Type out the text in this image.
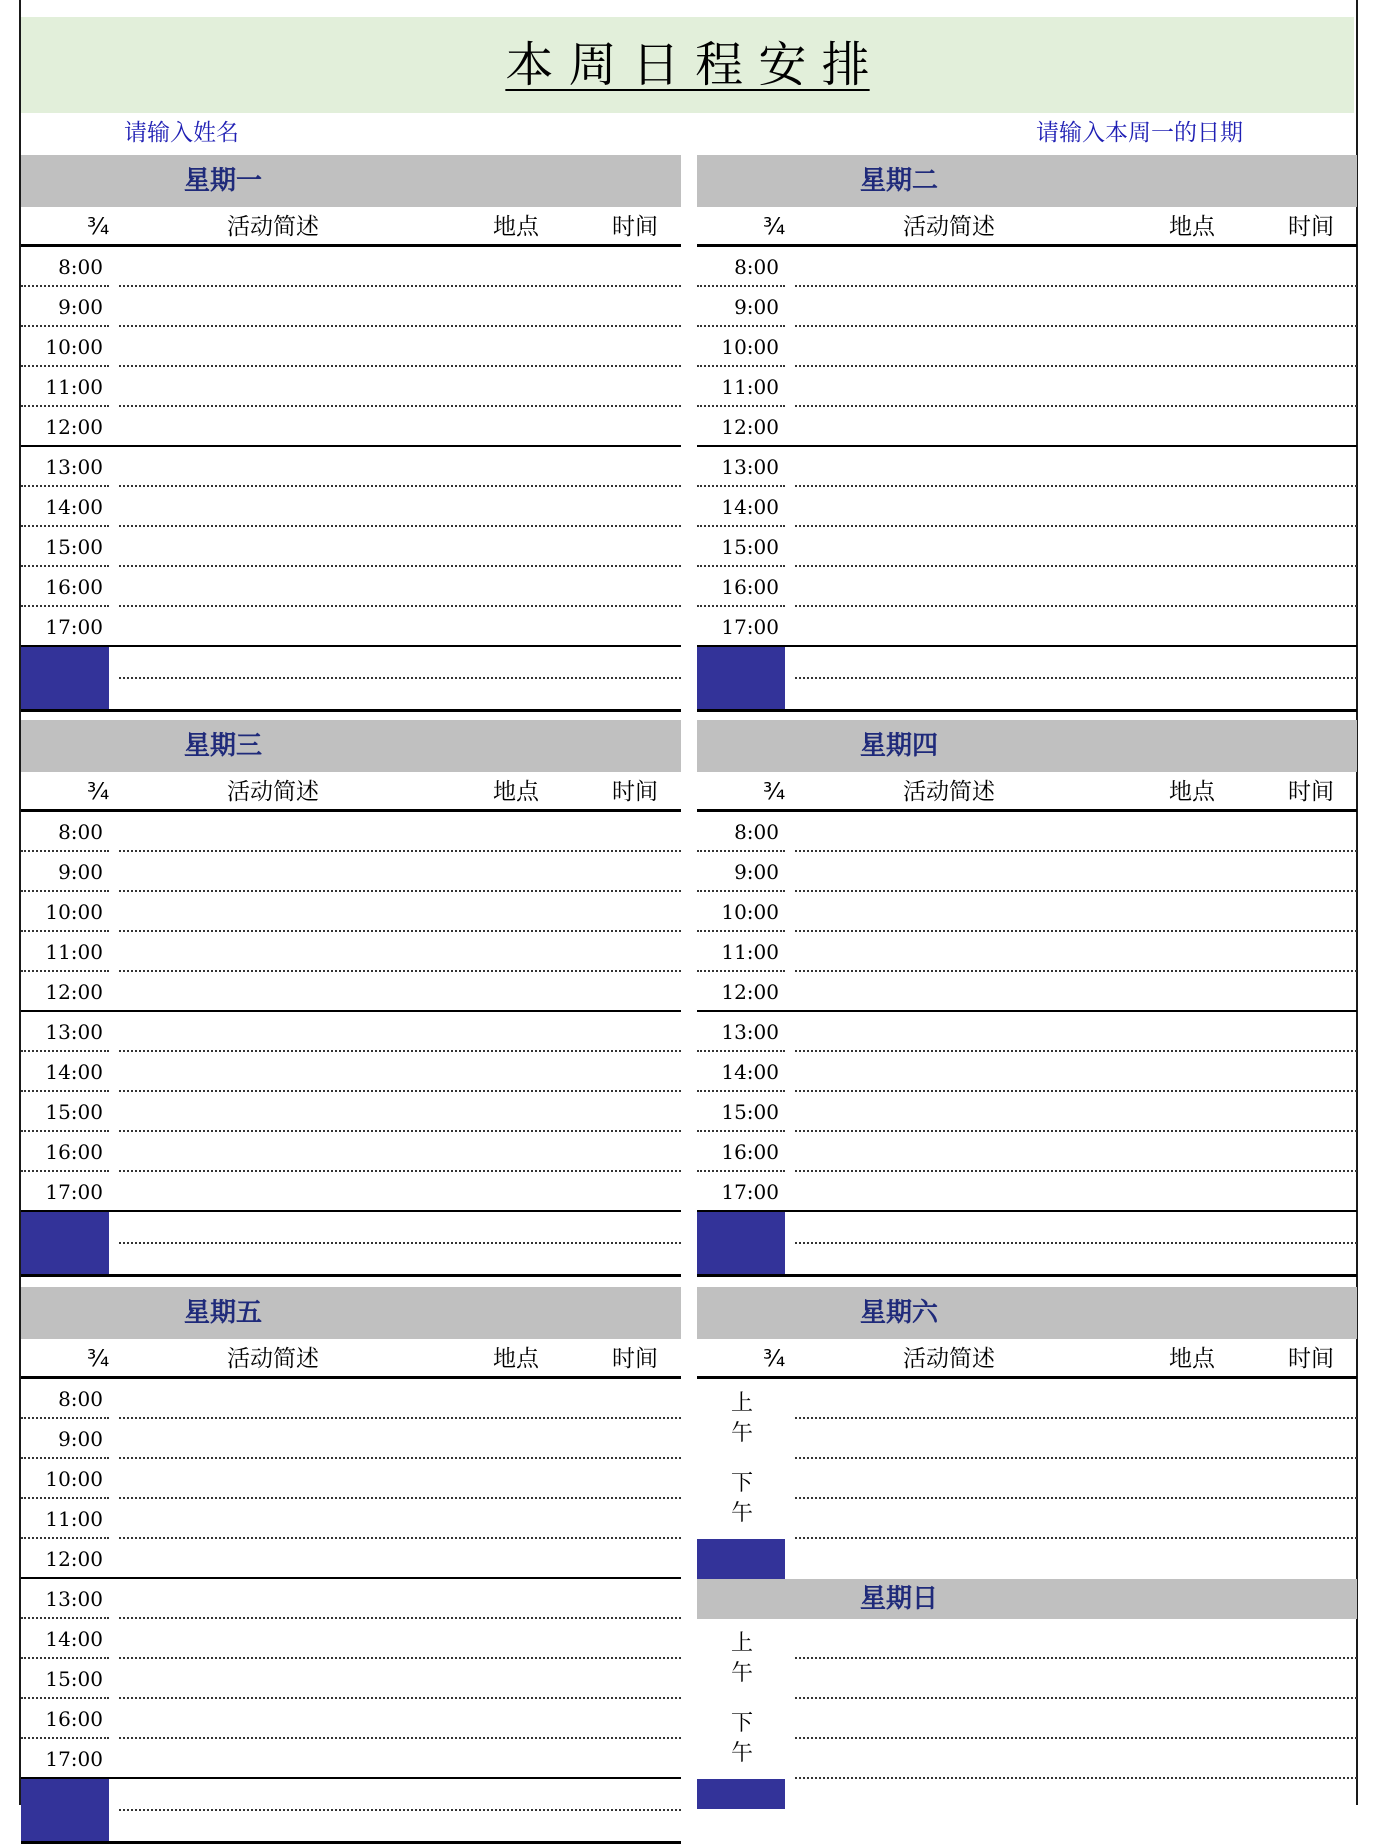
本 周 日 程 安 排
请输入姓名	请输入本周一的日期
星期一
¾	活动简述	地点	时间
8:00
9:00
10:00
11:00
12:00
13:00
14:00
15:00
16:00
17:00
星期二
¾	活动简述	地点	时间
8:00
9:00
10:00
11:00
12:00
13:00
14:00
15:00
16:00
17:00
星期三
¾	活动简述	地点	时间
8:00
9:00
10:00
11:00
12:00
13:00
14:00
15:00
16:00
17:00
星期四
¾	活动简述	地点	时间
8:00
9:00
10:00
11:00
12:00
13:00
14:00
15:00
16:00
17:00
星期五
¾	活动简述	地点	时间
8:00
9:00
10:00
11:00
12:00
13:00
14:00
15:00
16:00
17:00
星期六
¾	活动简述	地点	时间
上
午
下
午
星期日
上
午
下
午
